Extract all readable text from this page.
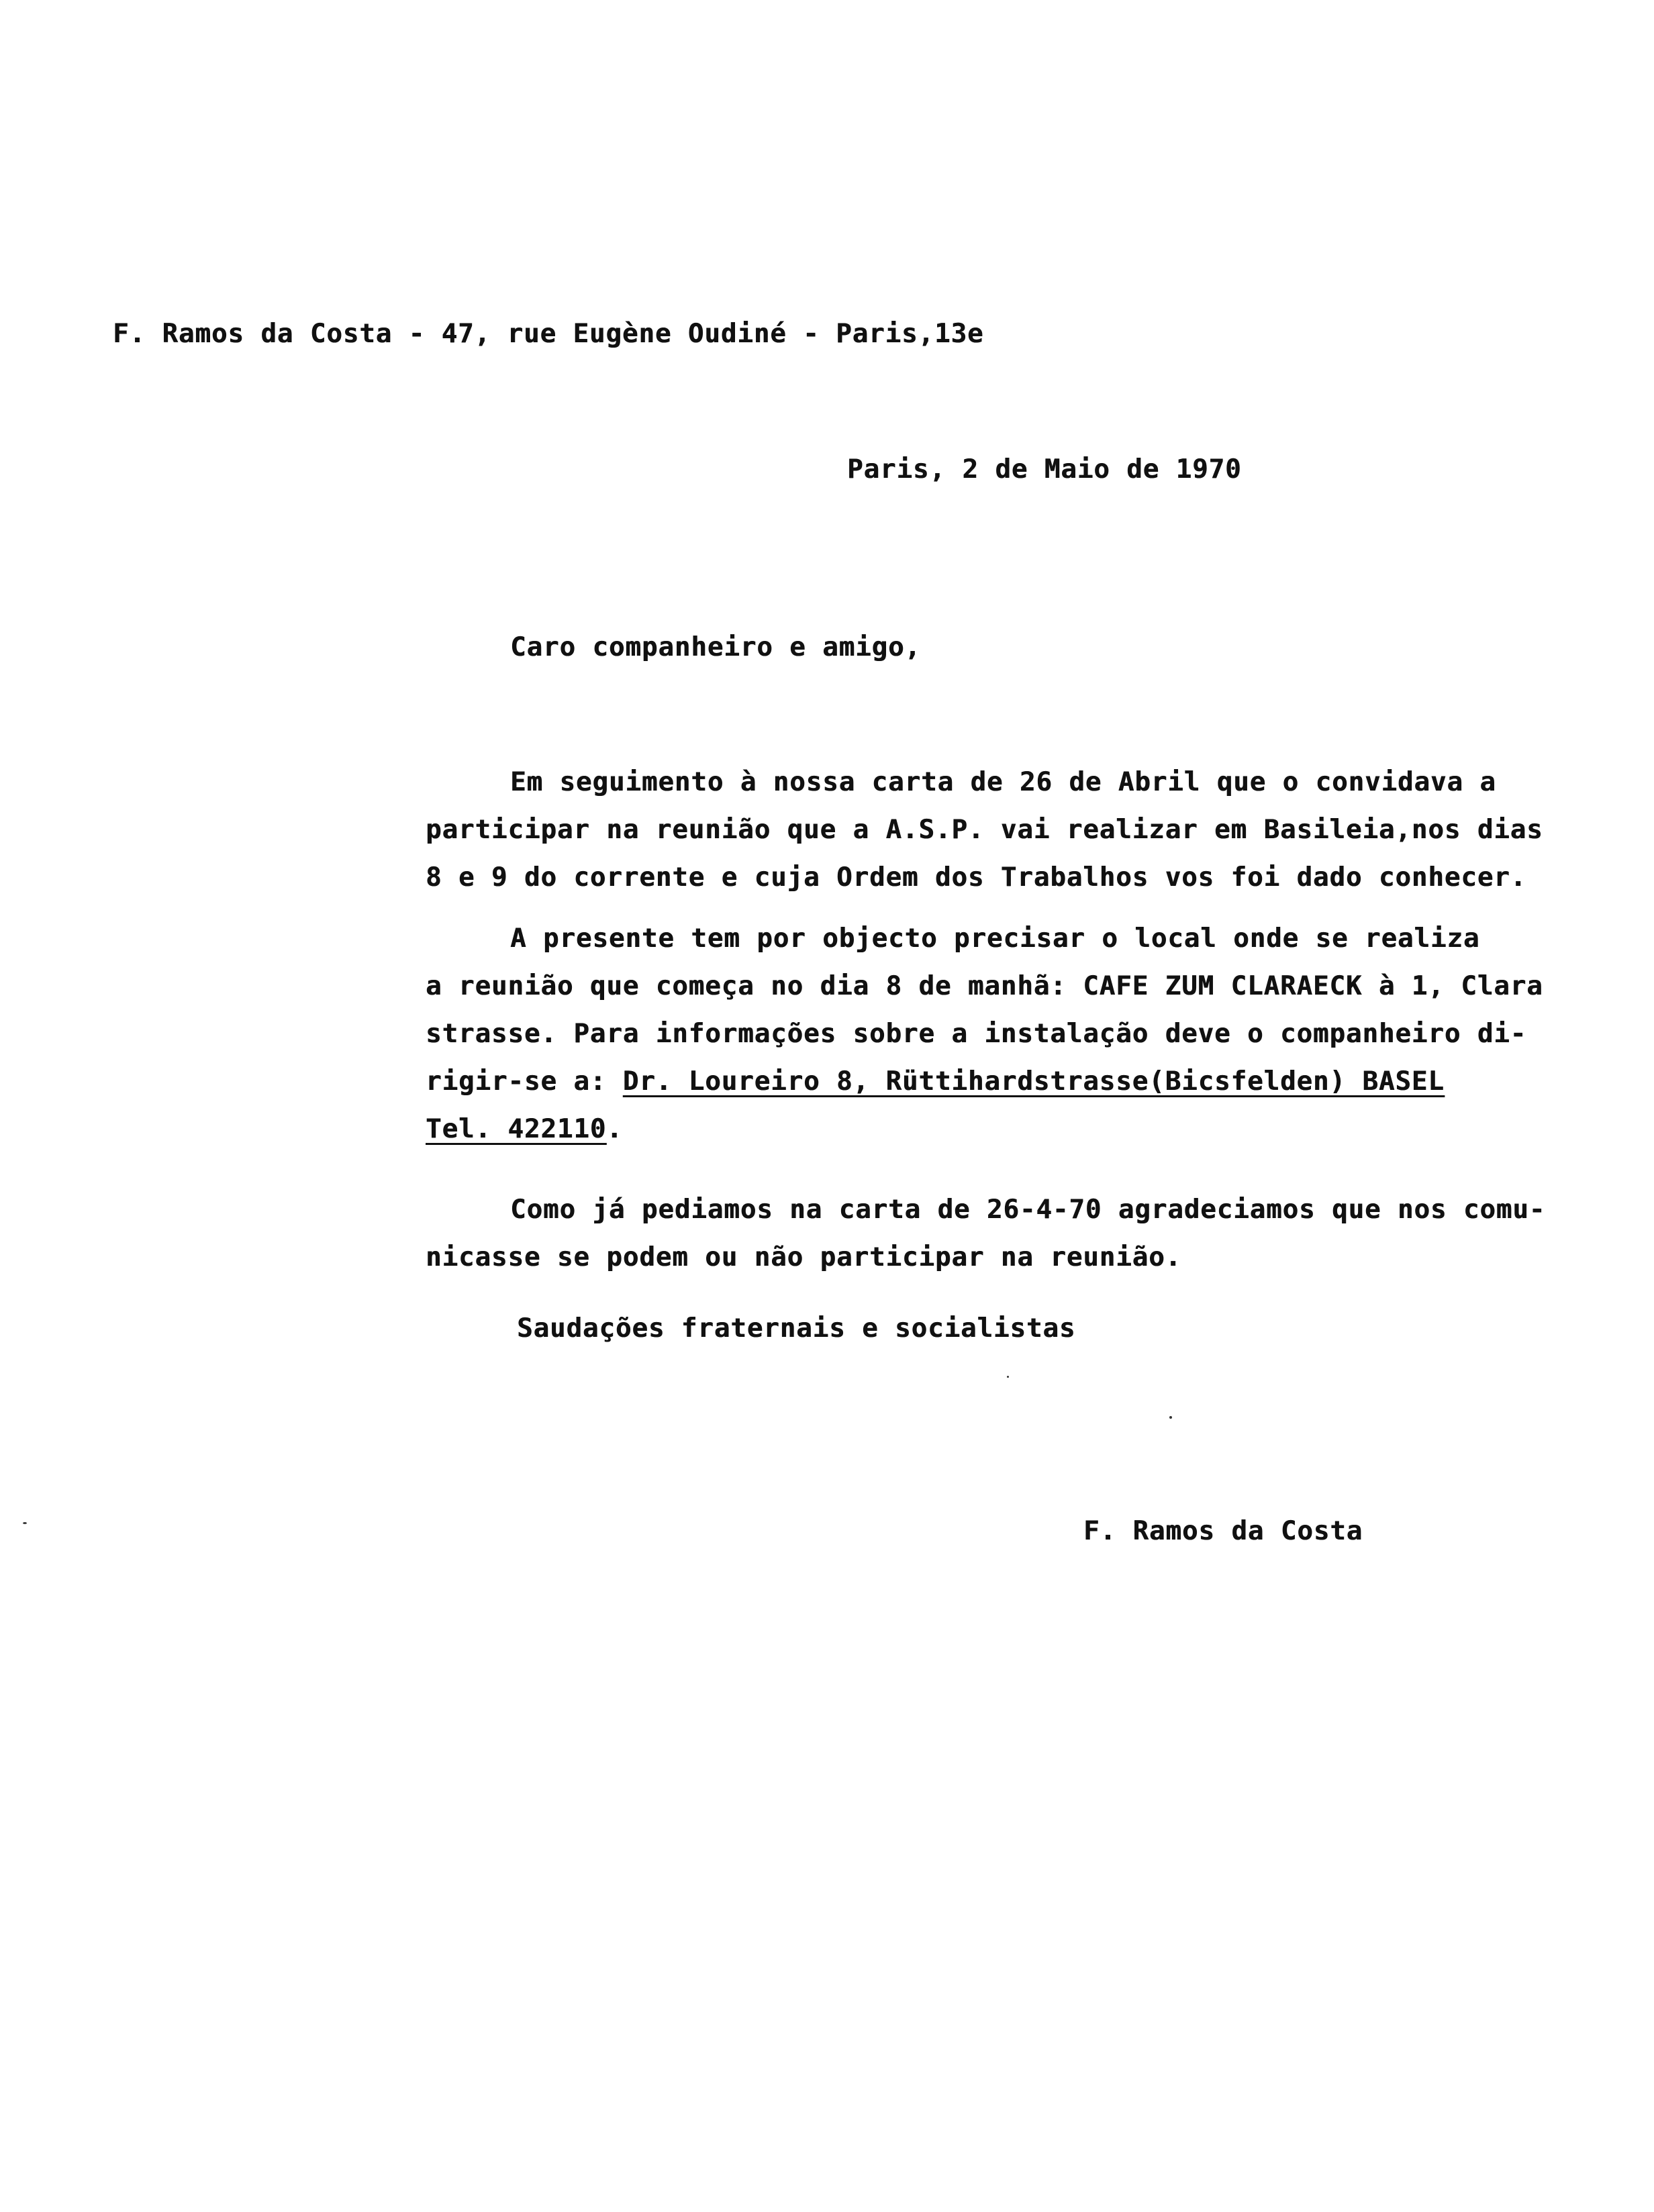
F. Ramos da Costa - 47, rue Eugène Oudiné - Paris,13e
Paris, 2 de Maio de 1970
Caro companheiro e amigo,
Em seguimento à nossa carta de 26 de Abril que o convidava a
participar na reunião que a A.S.P. vai realizar em Basileia,nos dias
8 e 9 do corrente e cuja Ordem dos Trabalhos vos foi dado conhecer.
A presente tem por objecto precisar o local onde se realiza
a reunião que começa no dia 8 de manhã: CAFE ZUM CLARAECK à 1, Clara
strasse. Para informações sobre a instalação deve o companheiro di-
rigir-se a: Dr. Loureiro 8, Rüttihardstrasse(Bicsfelden) BASEL
Tel. 422110.
Como já pediamos na carta de 26-4-70 agradeciamos que nos comu-
nicasse se podem ou não participar na reunião.
Saudações fraternais e socialistas
F. Ramos da Costa
